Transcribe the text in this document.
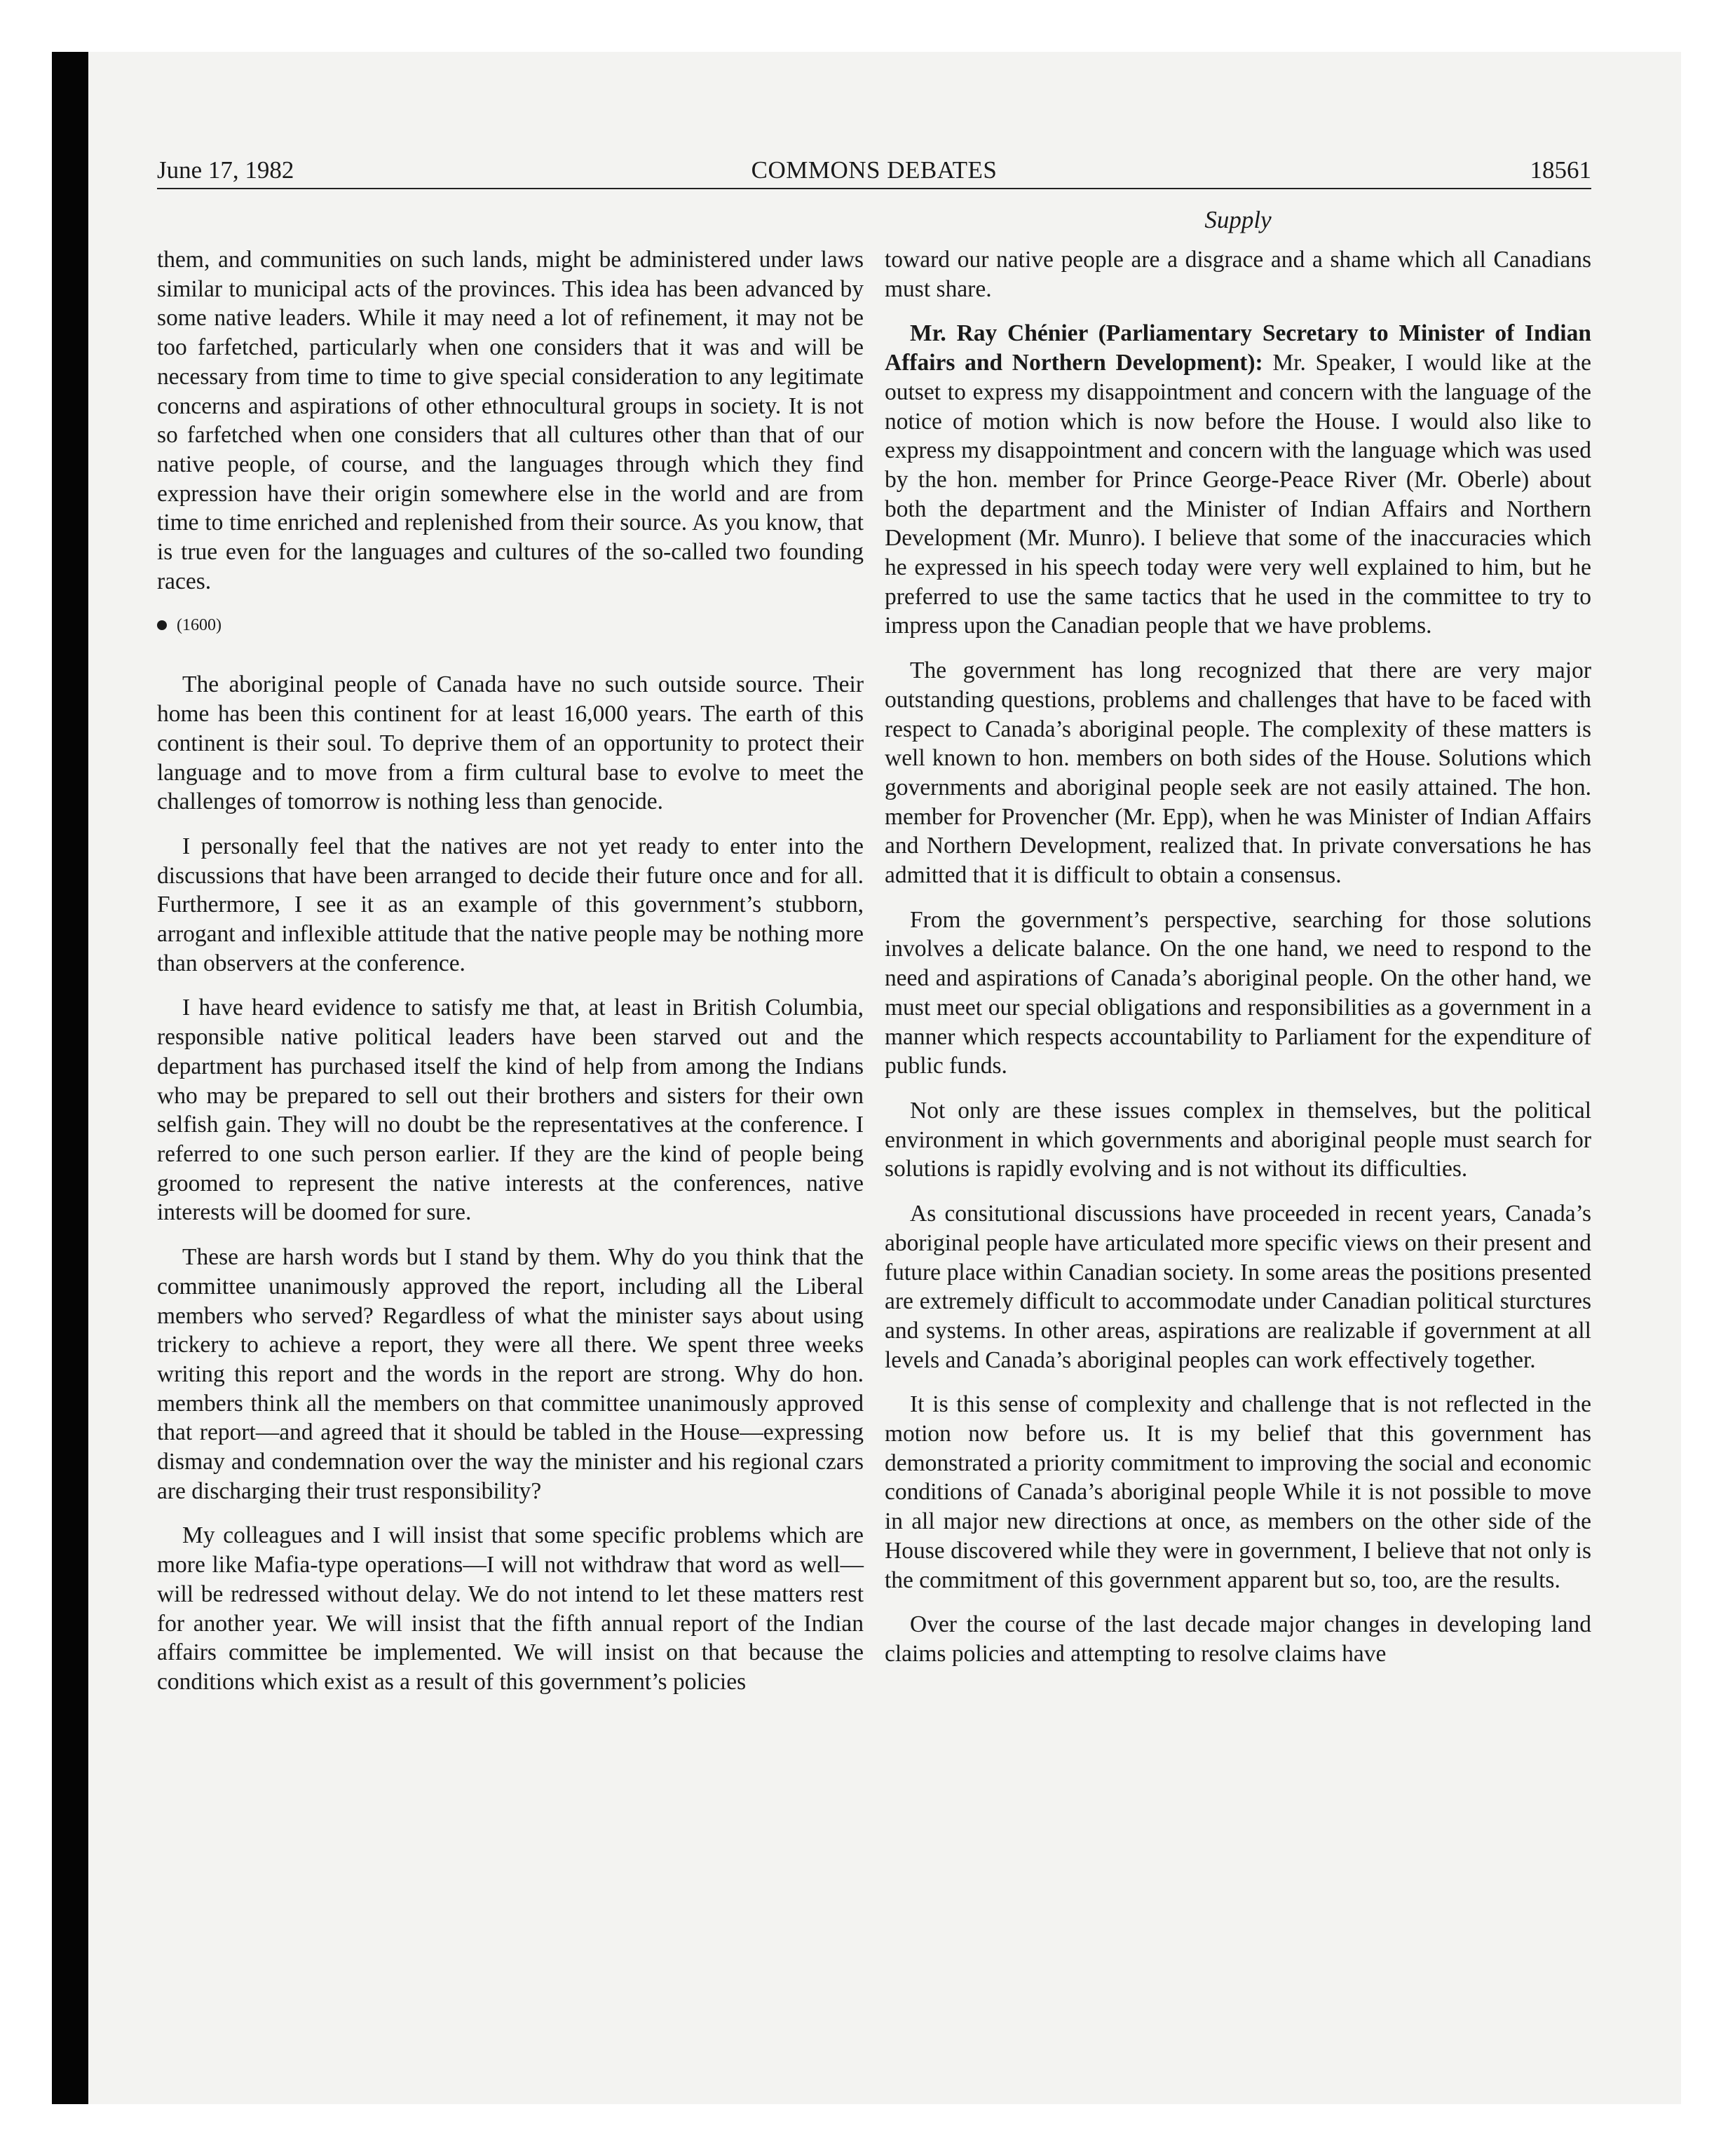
June 17, 1982	COMMONS DEBATES	18561
Supply

them, and communities on such lands, might be administered under laws similar to municipal acts of the provinces. This idea has been advanced by some native leaders. While it may need a lot of refinement, it may not be too farfetched, particularly when one considers that it was and will be necessary from time to time to give special consideration to any legitimate concerns and aspirations of other ethnocultural groups in society. It is not so farfetched when one considers that all cultures other than that of our native people, of course, and the languages through which they find expression have their origin somewhere else in the world and are from time to time enriched and replenished from their source. As you know, that is true even for the languages and cultures of the so-called two founding races.

(1600)

The aboriginal people of Canada have no such outside source. Their home has been this continent for at least 16,000 years. The earth of this continent is their soul. To deprive them of an opportunity to protect their language and to move from a firm cultural base to evolve to meet the challenges of tomorrow is nothing less than genocide.

I personally feel that the natives are not yet ready to enter into the discussions that have been arranged to decide their future once and for all. Furthermore, I see it as an example of this government’s stubborn, arrogant and inflexible attitude that the native people may be nothing more than observers at the conference.

I have heard evidence to satisfy me that, at least in British Columbia, responsible native political leaders have been starved out and the department has purchased itself the kind of help from among the Indians who may be prepared to sell out their brothers and sisters for their own selfish gain. They will no doubt be the representatives at the conference. I referred to one such person earlier. If they are the kind of people being groomed to represent the native interests at the conferences, native interests will be doomed for sure.

These are harsh words but I stand by them. Why do you think that the committee unanimously approved the report, including all the Liberal members who served? Regardless of what the minister says about using trickery to achieve a report, they were all there. We spent three weeks writing this report and the words in the report are strong. Why do hon. members think all the members on that committee unanimously approved that report—and agreed that it should be tabled in the House—expressing dismay and condemnation over the way the minister and his regional czars are discharging their trust responsibility?

My colleagues and I will insist that some specific problems which are more like Mafia-type operations—I will not withdraw that word as well—will be redressed without delay. We do not intend to let these matters rest for another year. We will insist that the fifth annual report of the Indian affairs committee be implemented. We will insist on that because the conditions which exist as a result of this government’s policies

toward our native people are a disgrace and a shame which all Canadians must share.

Mr. Ray Chénier (Parliamentary Secretary to Minister of Indian Affairs and Northern Development): Mr. Speaker, I would like at the outset to express my disappointment and concern with the language of the notice of motion which is now before the House. I would also like to express my disappointment and concern with the language which was used by the hon. member for Prince George-Peace River (Mr. Oberle) about both the department and the Minister of Indian Affairs and Northern Development (Mr. Munro). I believe that some of the inaccuracies which he expressed in his speech today were very well explained to him, but he preferred to use the same tactics that he used in the committee to try to impress upon the Canadian people that we have problems.

The government has long recognized that there are very major outstanding questions, problems and challenges that have to be faced with respect to Canada’s aboriginal people. The complexity of these matters is well known to hon. members on both sides of the House. Solutions which governments and aboriginal people seek are not easily attained. The hon. member for Provencher (Mr. Epp), when he was Minister of Indian Affairs and Northern Development, realized that. In private conversations he has admitted that it is difficult to obtain a consensus.

From the government’s perspective, searching for those solutions involves a delicate balance. On the one hand, we need to respond to the need and aspirations of Canada’s aboriginal people. On the other hand, we must meet our special obligations and responsibilities as a government in a manner which respects accountability to Parliament for the expenditure of public funds.

Not only are these issues complex in themselves, but the political environment in which governments and aboriginal people must search for solutions is rapidly evolving and is not without its difficulties.

As consitutional discussions have proceeded in recent years, Canada’s aboriginal people have articulated more specific views on their present and future place within Canadian society. In some areas the positions presented are extremely difficult to accommodate under Canadian political sturctures and systems. In other areas, aspirations are realizable if government at all levels and Canada’s aboriginal peoples can work effectively together.

It is this sense of complexity and challenge that is not reflected in the motion now before us. It is my belief that this government has demonstrated a priority commitment to improving the social and economic conditions of Canada’s aboriginal people While it is not possible to move in all major new directions at once, as members on the other side of the House discovered while they were in government, I believe that not only is the commitment of this government apparent but so, too, are the results.

Over the course of the last decade major changes in developing land claims policies and attempting to resolve claims have
